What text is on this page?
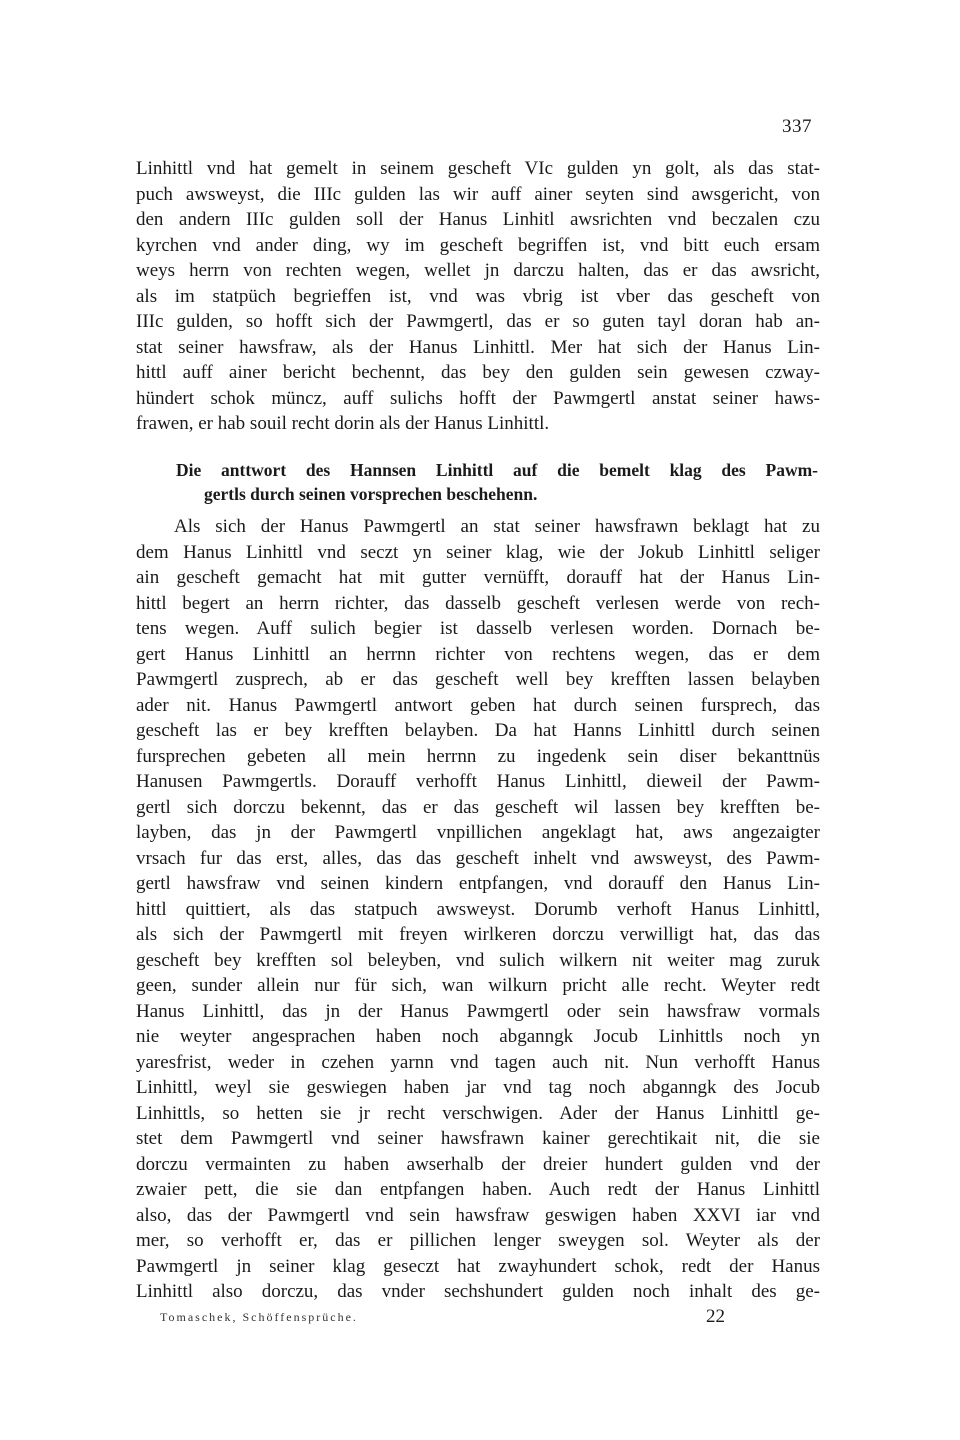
337
Linhittl vnd hat gemelt in seinem gescheft VIc gulden yn golt, als das stat-
puch awsweyst, die IIIc gulden las wir auff ainer seyten sind awsgericht, von
den andern IIIc gulden soll der Hanus Linhitl awsrichten vnd beczalen czu
kyrchen vnd ander ding, wy im gescheft begriffen ist, vnd bitt euch ersam
weys herrn von rechten wegen, wellet jn darczu halten, das er das awsricht,
als im statpüch begrieffen ist, vnd was vbrig ist vber das gescheft von
IIIc gulden, so hofft sich der Pawmgertl, das er so guten tayl doran hab an-
stat seiner hawsfraw, als der Hanus Linhittl. Mer hat sich der Hanus Lin-
hittl auff ainer bericht bechennt, das bey den gulden sein gewesen czway-
hündert schok müncz, auff sulichs hofft der Pawmgertl anstat seiner haws-
frawen, er hab souil recht dorin als der Hanus Linhittl.
Die anttwort des Hannsen Linhittl auf die bemelt klag des Pawm-
gertls durch seinen vorsprechen beschehenn.
Als sich der Hanus Pawmgertl an stat seiner hawsfrawn beklagt hat zu
dem Hanus Linhittl vnd seczt yn seiner klag, wie der Jokub Linhittl seliger
ain gescheft gemacht hat mit gutter vernüfft, dorauff hat der Hanus Lin-
hittl begert an herrn richter, das dasselb gescheft verlesen werde von rech-
tens wegen. Auff sulich begier ist dasselb verlesen worden. Dornach be-
gert Hanus Linhittl an herrnn richter von rechtens wegen, das er dem
Pawmgertl zusprech, ab er das gescheft well bey krefften lassen belayben
ader nit. Hanus Pawmgertl antwort geben hat durch seinen fursprech, das
gescheft las er bey krefften belayben. Da hat Hanns Linhittl durch seinen
fursprechen gebeten all mein herrnn zu ingedenk sein diser bekanttnüs
Hanusen Pawmgertls. Dorauff verhofft Hanus Linhittl, dieweil der Pawm-
gertl sich dorczu bekennt, das er das gescheft wil lassen bey krefften be-
layben, das jn der Pawmgertl vnpillichen angeklagt hat, aws angezaigter
vrsach fur das erst, alles, das das gescheft inhelt vnd awsweyst, des Pawm-
gertl hawsfraw vnd seinen kindern entpfangen, vnd dorauff den Hanus Lin-
hittl quittiert, als das statpuch awsweyst. Dorumb verhoft Hanus Linhittl,
als sich der Pawmgertl mit freyen wirlkeren dorczu verwilligt hat, das das
gescheft bey krefften sol beleyben, vnd sulich wilkern nit weiter mag zuruk
geen, sunder allein nur für sich, wan wilkurn pricht alle recht. Weyter redt
Hanus Linhittl, das jn der Hanus Pawmgertl oder sein hawsfraw vormals
nie weyter angesprachen haben noch abganngk Jocub Linhittls noch yn
yaresfrist, weder in czehen yarnn vnd tagen auch nit. Nun verhofft Hanus
Linhittl, weyl sie geswiegen haben jar vnd tag noch abganngk des Jocub
Linhittls, so hetten sie jr recht verschwigen. Ader der Hanus Linhittl ge-
stet dem Pawmgertl vnd seiner hawsfrawn kainer gerechtikait nit, die sie
dorczu vermainten zu haben awserhalb der dreier hundert gulden vnd der
zwaier pett, die sie dan entpfangen haben. Auch redt der Hanus Linhittl
also, das der Pawmgertl vnd sein hawsfraw geswigen haben XXVI iar vnd
mer, so verhofft er, das er pillichen lenger sweygen sol. Weyter als der
Pawmgertl jn seiner klag geseczt hat zwayhundert schok, redt der Hanus
Linhittl also dorczu, das vnder sechshundert gulden noch inhalt des ge-
Tomaschek, Schöffensprüche.	22
